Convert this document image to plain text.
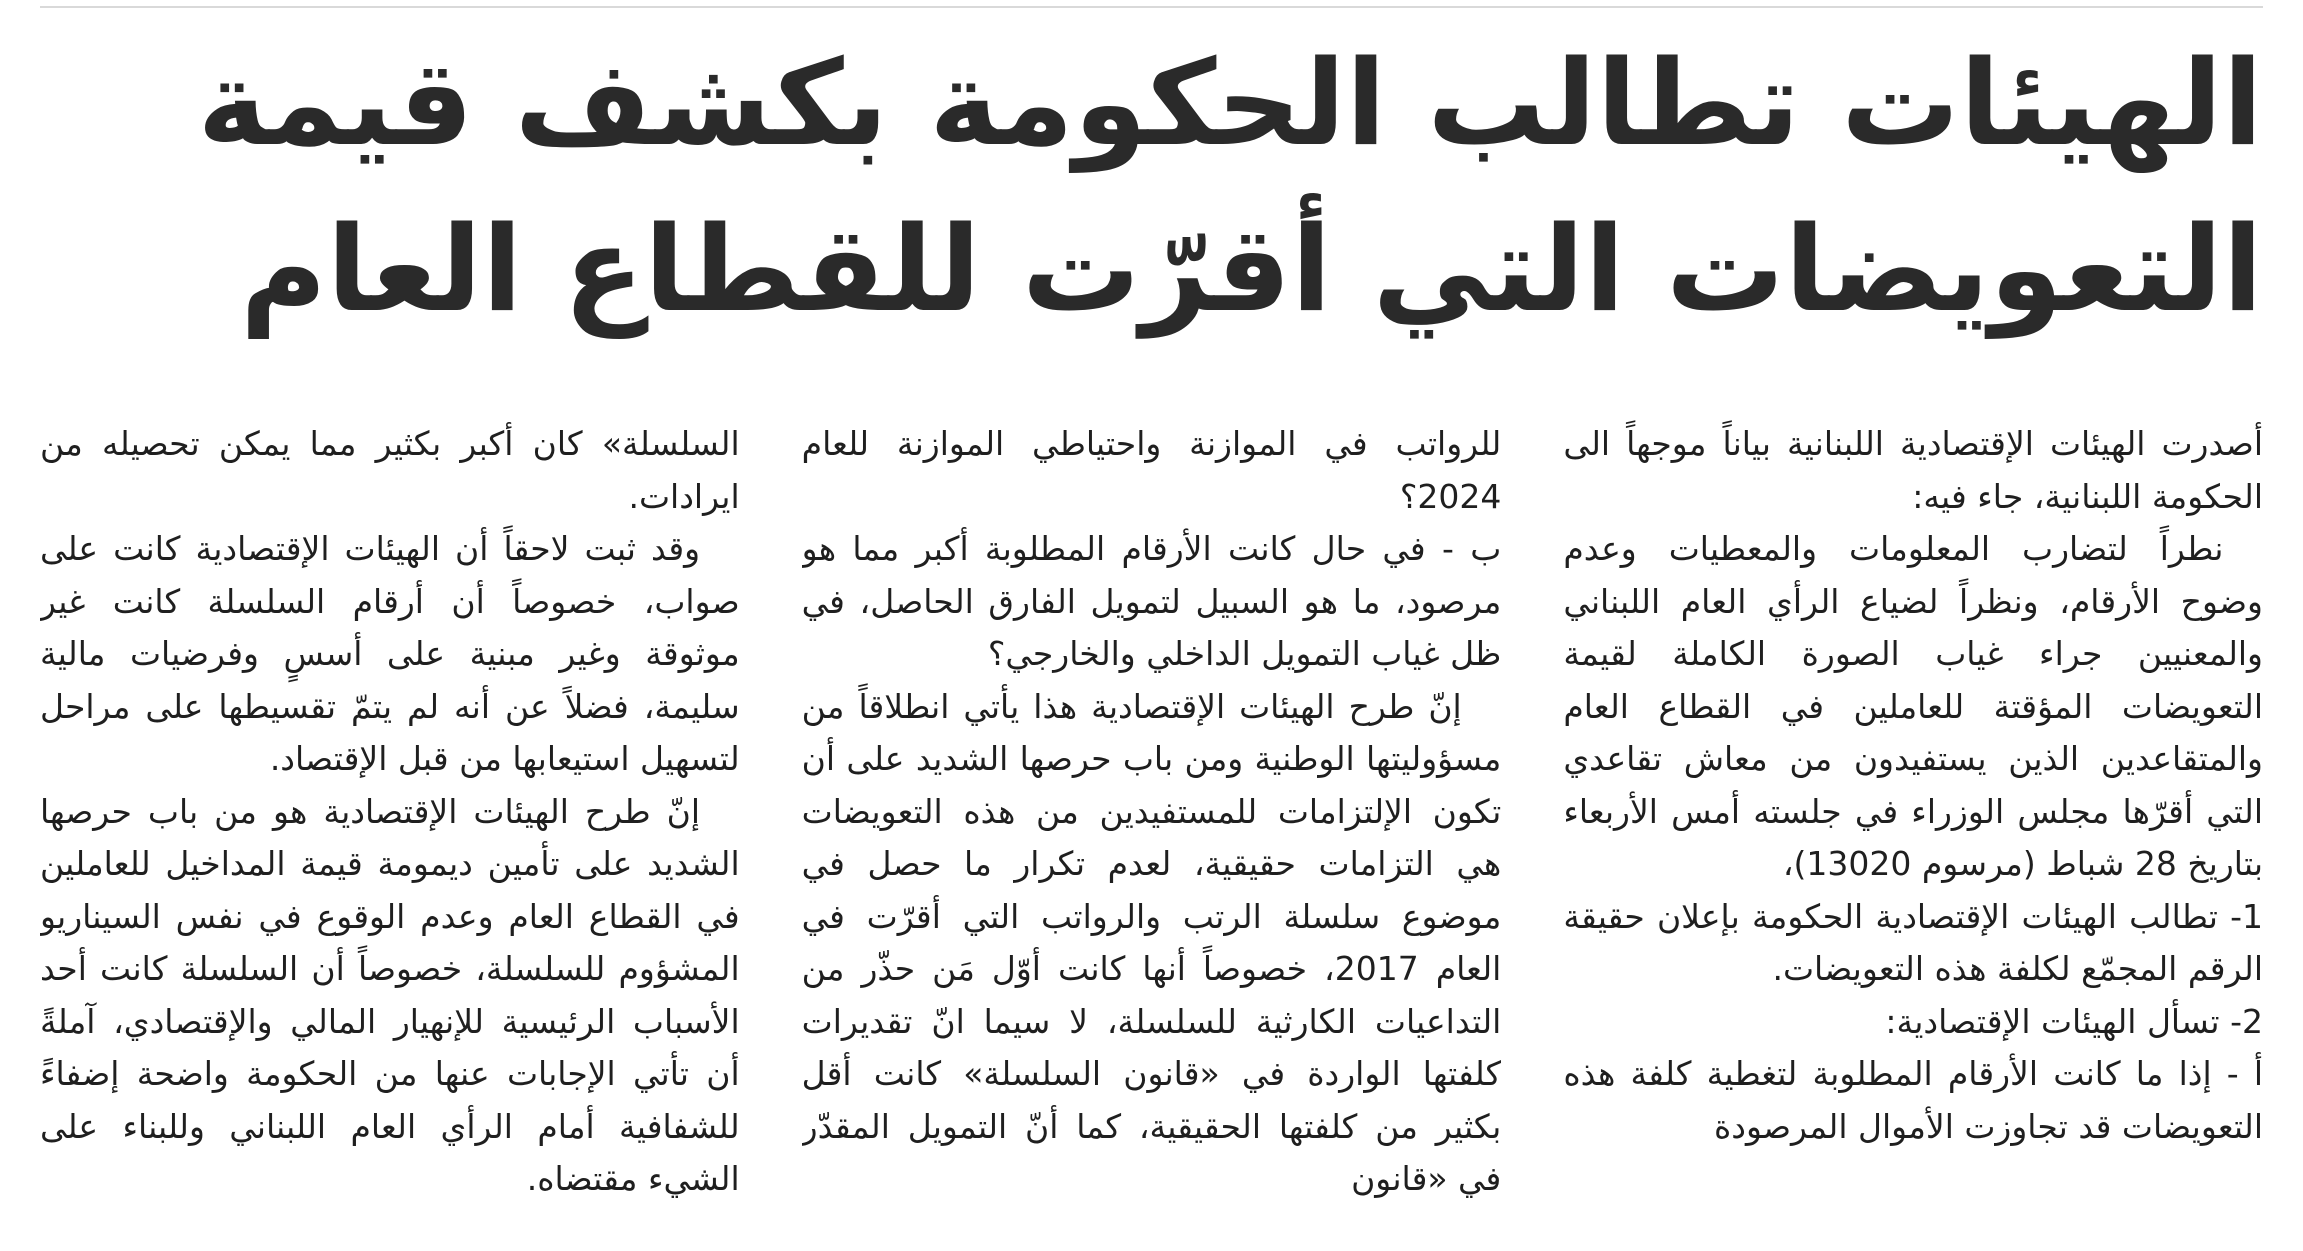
الهيئات تطالب الحكومة بكشف قيمة
التعويضات التي أقرّت للقطاع العام

أصدرت الهيئات الإقتصادية اللبنانية بياناً موجهاً الى الحكومة اللبنانية، جاء فيه:

نطراً لتضارب المعلومات والمعطيات وعدم وضوح الأرقام، ونظراً لضياع الرأي العام اللبناني والمعنيين جراء غياب الصورة الكاملة لقيمة التعويضات المؤقتة للعاملين في القطاع العام والمتقاعدين الذين يستفيدون من معاش تقاعدي التي أقرّها مجلس الوزراء في جلسته أمس الأربعاء بتاريخ 28 شباط (مرسوم 13020)،

1- تطالب الهيئات الإقتصادية الحكومة بإعلان حقيقة الرقم المجمّع لكلفة هذه التعويضات.

2- تسأل الهيئات الإقتصادية:

أ - إذا ما كانت الأرقام المطلوبة لتغطية كلفة هذه التعويضات قد تجاوزت الأموال المرصودة

للرواتب في الموازنة واحتياطي الموازنة للعام 2024؟

ب - في حال كانت الأرقام المطلوبة أكبر مما هو مرصود، ما هو السبيل لتمويل الفارق الحاصل، في ظل غياب التمويل الداخلي والخارجي؟

إنّ طرح الهيئات الإقتصادية هذا يأتي انطلاقاً من مسؤوليتها الوطنية ومن باب حرصها الشديد على أن تكون الإلتزامات للمستفيدين من هذه التعويضات هي التزامات حقيقية، لعدم تكرار ما حصل في موضوع سلسلة الرتب والرواتب التي أقرّت في العام 2017، خصوصاً أنها كانت أوّل مَن حذّر من التداعيات الكارثية للسلسلة، لا سيما انّ تقديرات كلفتها الواردة في «قانون السلسلة» كانت أقل بكثير من كلفتها الحقيقية، كما أنّ التمويل المقدّر في «قانون

السلسلة» كان أكبر بكثير مما يمكن تحصيله من ايرادات.

وقد ثبت لاحقاً أن الهيئات الإقتصادية كانت على صواب، خصوصاً أن أرقام السلسلة كانت غير موثوقة وغير مبنية على أسسٍ وفرضيات مالية سليمة، فضلاً عن أنه لم يتمّ تقسيطها على مراحل لتسهيل استيعابها من قبل الإقتصاد.

إنّ طرح الهيئات الإقتصادية هو من باب حرصها الشديد على تأمين ديمومة قيمة المداخيل للعاملين في القطاع العام وعدم الوقوع في نفس السيناريو المشؤوم للسلسلة، خصوصاً أن السلسلة كانت أحد الأسباب الرئيسية للإنهيار المالي والإقتصادي، آملةً أن تأتي الإجابات عنها من الحكومة واضحة إضفاءً للشفافية أمام الرأي العام اللبناني وللبناء على الشيء مقتضاه.
